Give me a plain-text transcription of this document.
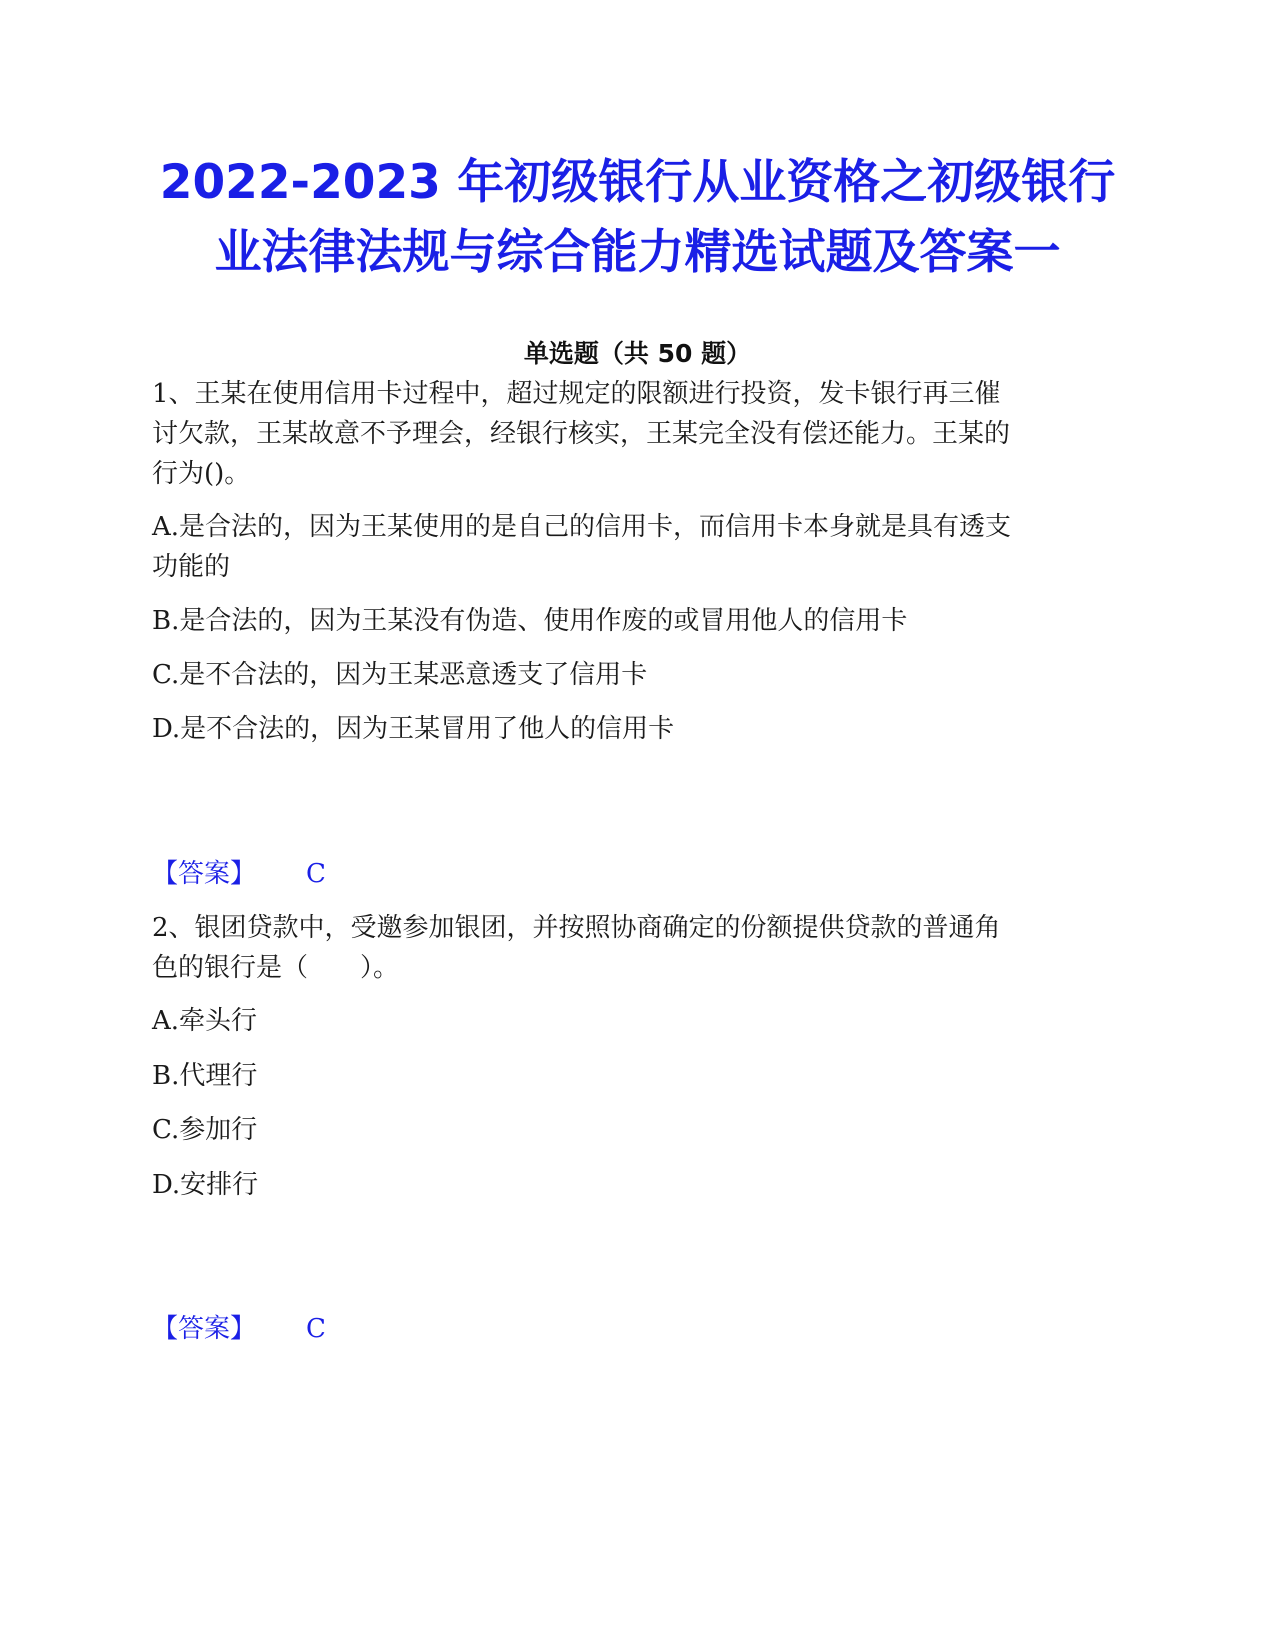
2022-2023 年初级银行从业资格之初级银行
业法律法规与综合能力精选试题及答案一
单选题（共 50 题）
1、王某在使用信用卡过程中，超过规定的限额进行投资，发卡银行再三催
讨欠款，王某故意不予理会，经银行核实，王某完全没有偿还能力。王某的
行为()。
A.是合法的，因为王某使用的是自己的信用卡，而信用卡本身就是具有透支
功能的
B.是合法的，因为王某没有伪造、使用作废的或冒用他人的信用卡
C.是不合法的，因为王某恶意透支了信用卡
D.是不合法的，因为王某冒用了他人的信用卡
【答案】 C
2、银团贷款中，受邀参加银团，并按照协商确定的份额提供贷款的普通角
色的银行是（　　）。
A.牵头行
B.代理行
C.参加行
D.安排行
【答案】 C
